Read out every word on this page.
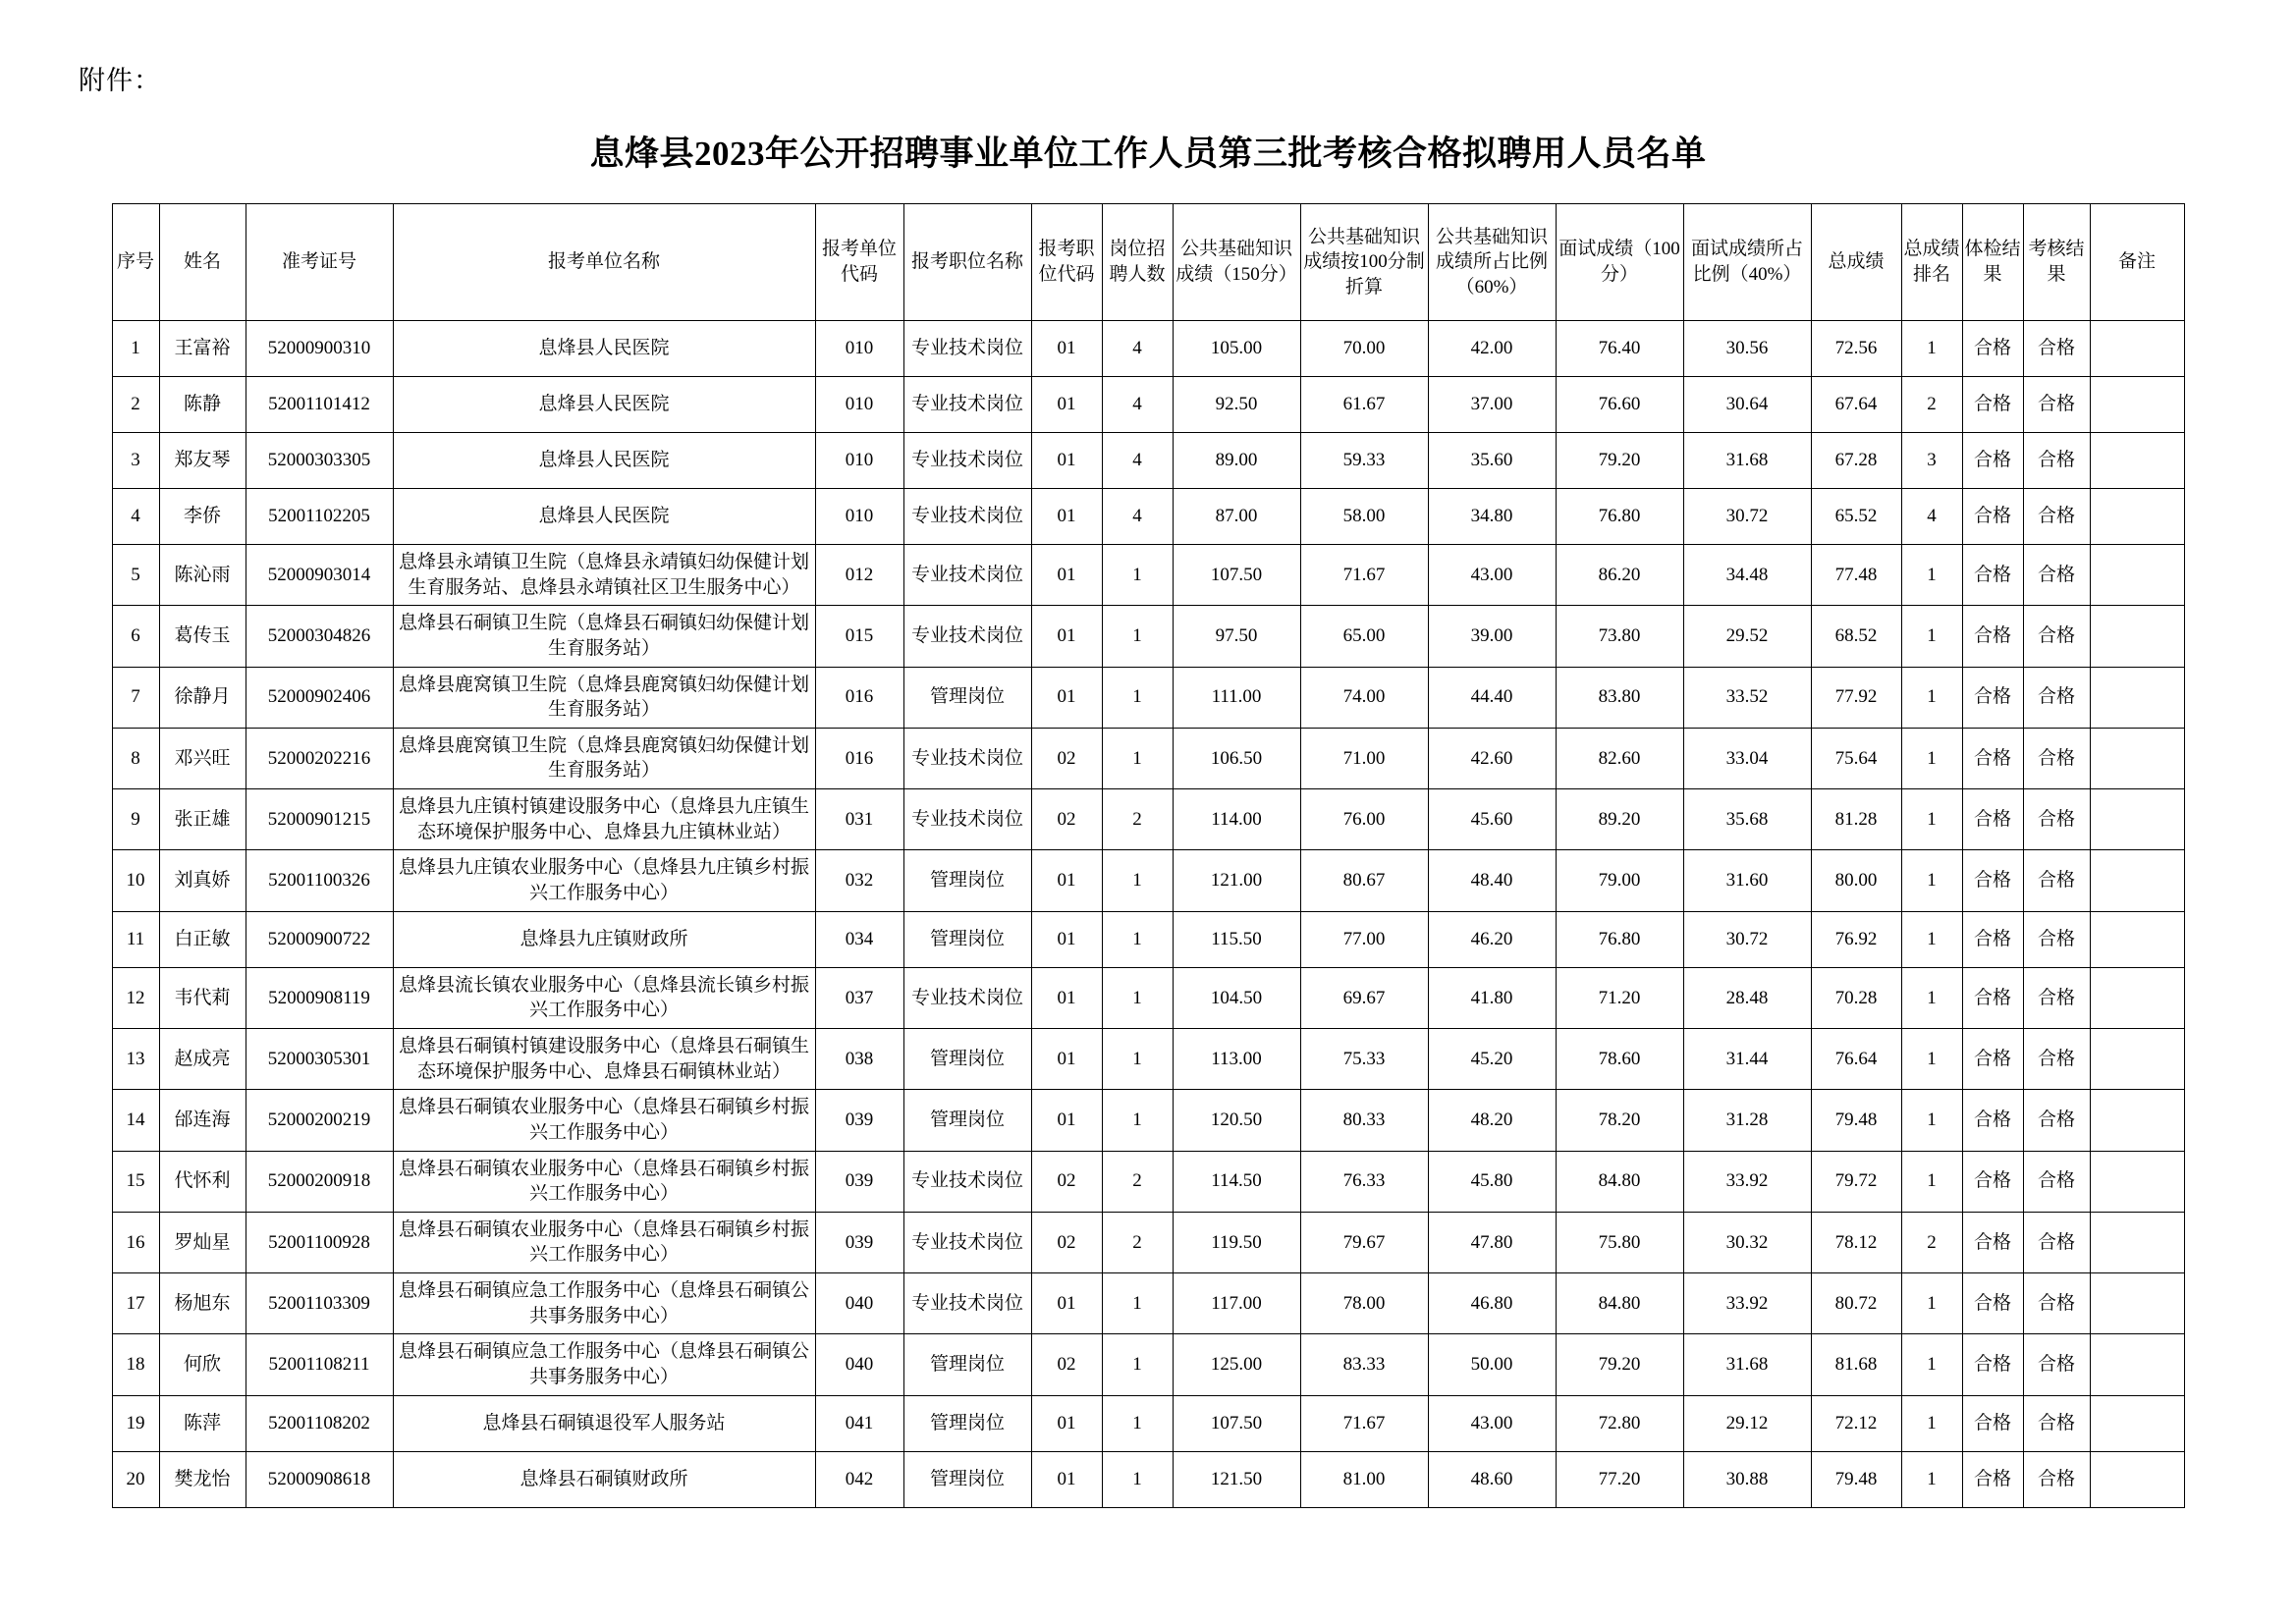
附件：
息烽县2023年公开招聘事业单位工作人员第三批考核合格拟聘用人员名单
序号	姓名	准考证号	报考单位名称	报考单位代码	报考职位名称	报考职位代码	岗位招聘人数	公共基础知识成绩（150分）	公共基础知识成绩按100分制折算	公共基础知识成绩所占比例（60%）	面试成绩（100分）	面试成绩所占比例（40%）	总成绩	总成绩排名	体检结果	考核结果	备注
1	王富裕	52000900310	息烽县人民医院	010	专业技术岗位	01	4	105.00	70.00	42.00	76.40	30.56	72.56	1	合格	合格	
2	陈静	52001101412	息烽县人民医院	010	专业技术岗位	01	4	92.50	61.67	37.00	76.60	30.64	67.64	2	合格	合格	
3	郑友琴	52000303305	息烽县人民医院	010	专业技术岗位	01	4	89.00	59.33	35.60	79.20	31.68	67.28	3	合格	合格	
4	李侨	52001102205	息烽县人民医院	010	专业技术岗位	01	4	87.00	58.00	34.80	76.80	30.72	65.52	4	合格	合格	
5	陈沁雨	52000903014	息烽县永靖镇卫生院（息烽县永靖镇妇幼保健计划生育服务站、息烽县永靖镇社区卫生服务中心）	012	专业技术岗位	01	1	107.50	71.67	43.00	86.20	34.48	77.48	1	合格	合格	
6	葛传玉	52000304826	息烽县石硐镇卫生院（息烽县石硐镇妇幼保健计划生育服务站）	015	专业技术岗位	01	1	97.50	65.00	39.00	73.80	29.52	68.52	1	合格	合格	
7	徐静月	52000902406	息烽县鹿窝镇卫生院（息烽县鹿窝镇妇幼保健计划生育服务站）	016	管理岗位	01	1	111.00	74.00	44.40	83.80	33.52	77.92	1	合格	合格	
8	邓兴旺	52000202216	息烽县鹿窝镇卫生院（息烽县鹿窝镇妇幼保健计划生育服务站）	016	专业技术岗位	02	1	106.50	71.00	42.60	82.60	33.04	75.64	1	合格	合格	
9	张正雄	52000901215	息烽县九庄镇村镇建设服务中心（息烽县九庄镇生态环境保护服务中心、息烽县九庄镇林业站）	031	专业技术岗位	02	2	114.00	76.00	45.60	89.20	35.68	81.28	1	合格	合格	
10	刘真娇	52001100326	息烽县九庄镇农业服务中心（息烽县九庄镇乡村振兴工作服务中心）	032	管理岗位	01	1	121.00	80.67	48.40	79.00	31.60	80.00	1	合格	合格	
11	白正敏	52000900722	息烽县九庄镇财政所	034	管理岗位	01	1	115.50	77.00	46.20	76.80	30.72	76.92	1	合格	合格	
12	韦代莉	52000908119	息烽县流长镇农业服务中心（息烽县流长镇乡村振兴工作服务中心）	037	专业技术岗位	01	1	104.50	69.67	41.80	71.20	28.48	70.28	1	合格	合格	
13	赵成亮	52000305301	息烽县石硐镇村镇建设服务中心（息烽县石硐镇生态环境保护服务中心、息烽县石硐镇林业站）	038	管理岗位	01	1	113.00	75.33	45.20	78.60	31.44	76.64	1	合格	合格	
14	邰连海	52000200219	息烽县石硐镇农业服务中心（息烽县石硐镇乡村振兴工作服务中心）	039	管理岗位	01	1	120.50	80.33	48.20	78.20	31.28	79.48	1	合格	合格	
15	代怀利	52000200918	息烽县石硐镇农业服务中心（息烽县石硐镇乡村振兴工作服务中心）	039	专业技术岗位	02	2	114.50	76.33	45.80	84.80	33.92	79.72	1	合格	合格	
16	罗灿星	52001100928	息烽县石硐镇农业服务中心（息烽县石硐镇乡村振兴工作服务中心）	039	专业技术岗位	02	2	119.50	79.67	47.80	75.80	30.32	78.12	2	合格	合格	
17	杨旭东	52001103309	息烽县石硐镇应急工作服务中心（息烽县石硐镇公共事务服务中心）	040	专业技术岗位	01	1	117.00	78.00	46.80	84.80	33.92	80.72	1	合格	合格	
18	何欣	52001108211	息烽县石硐镇应急工作服务中心（息烽县石硐镇公共事务服务中心）	040	管理岗位	02	1	125.00	83.33	50.00	79.20	31.68	81.68	1	合格	合格	
19	陈萍	52001108202	息烽县石硐镇退役军人服务站	041	管理岗位	01	1	107.50	71.67	43.00	72.80	29.12	72.12	1	合格	合格	
20	樊龙怡	52000908618	息烽县石硐镇财政所	042	管理岗位	01	1	121.50	81.00	48.60	77.20	30.88	79.48	1	合格	合格	
